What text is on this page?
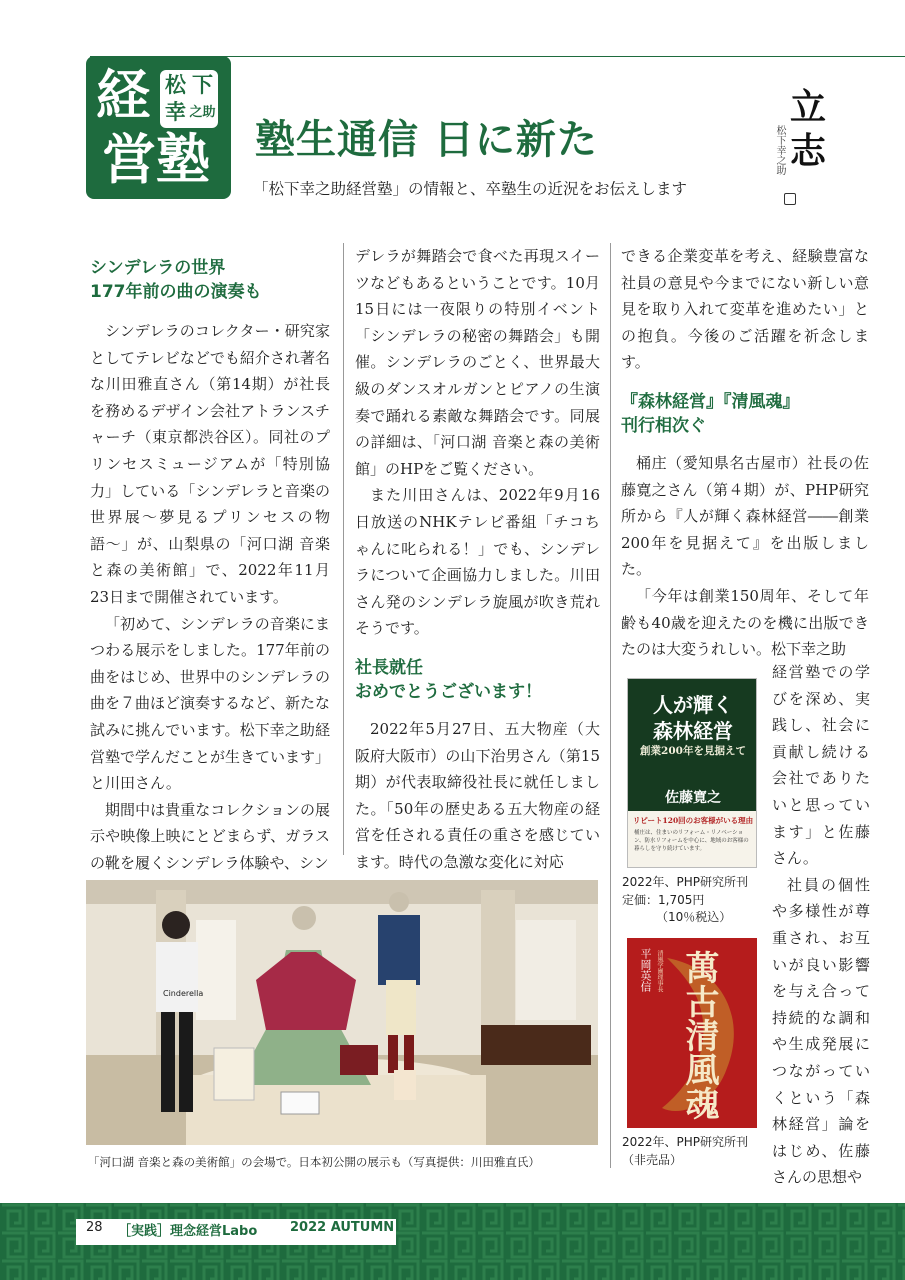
経
営塾
松 下
幸 之助
塾生通信 日に新た
「松下幸之助経営塾」の情報と、卒塾生の近況をお伝えします
立志
松下幸之助
シンデレラの世界
177年前の曲の演奏も

シンデレラのコレクター・研究家としてテレビなどでも紹介され著名な川田雅直さん（第14期）が社長を務めるデザイン会社アトランスチャーチ（東京都渋谷区）。同社のプリンセスミュージアムが「特別協力」している「シンデレラと音楽の世界展〜夢見るプリンセスの物語〜」が、山梨県の「河口湖 音楽と森の美術館」で、2022年11月23日まで開催されています。

「初めて、シンデレラの音楽にまつわる展示をしました。177年前の曲をはじめ、世界中のシンデレラの曲を７曲ほど演奏するなど、新たな試みに挑んでいます。松下幸之助経営塾で学んだことが生きています」と川田さん。

期間中は貴重なコレクションの展示や映像上映にとどまらず、ガラスの靴を履くシンデレラ体験や、シン

デレラが舞踏会で食べた再現スイーツなどもあるということです。10月15日には一夜限りの特別イベント「シンデレラの秘密の舞踏会」も開催。シンデレラのごとく、世界最大級のダンスオルガンとピアノの生演奏で踊れる素敵な舞踏会です。同展の詳細は、「河口湖 音楽と森の美術館」のHPをご覧ください。

また川田さんは、2022年9月16日放送のNHKテレビ番組「チコちゃんに叱られる！」でも、シンデレラについて企画協力しました。川田さん発のシンデレラ旋風が吹き荒れそうです。

社長就任
おめでとうございます！

2022年5月27日、五大物産（大阪府大阪市）の山下治男さん（第15期）が代表取締役社長に就任しました。「50年の歴史ある五大物産の経営を任される責任の重さを感じています。時代の急激な変化に対応

できる企業変革を考え、経験豊富な社員の意見や今までにない新しい意見を取り入れて変革を進めたい」との抱負。今後のご活躍を祈念します。

『森林経営』『清風魂』
刊行相次ぐ

桶庄（愛知県名古屋市）社長の佐藤寛之さん（第４期）が、PHP研究所から『人が輝く森林経営――創業200年を見据えて』を出版しました。

「今年は創業150周年、そして年齢も40歳を迎えたのを機に出版できたのは大変うれしい。松下幸之助

経営塾での学びを深め、実践し、社会に貢献し続ける会社でありたいと思っています」と佐藤さん。

社員の個性や多様性が尊重され、お互いが良い影響を与え合って持続的な調和や生成発展につながっていくという「森林経営」論をはじめ、佐藤さんの思想や

Cinderella
「河口湖 音楽と森の美術館」の会場で。日本初公開の展示も（写真提供：川田雅直氏）
人が輝く
森林経営
創業200年を見据えて
佐藤寛之
リピート120回のお客様がいる理由
桶庄は、住まいのリフォーム・リノベーション、防水リフォームを中心に、地域のお客様の暮らしを守り続けています。
2022年、PHP研究所刊
定価：1,705円
（10％税込）
平岡英信 清風学園理事長 萬古清風魂
2022年、PHP研究所刊
（非売品）
28 ［実践］理念経営Labo	2022 AUTUMN
